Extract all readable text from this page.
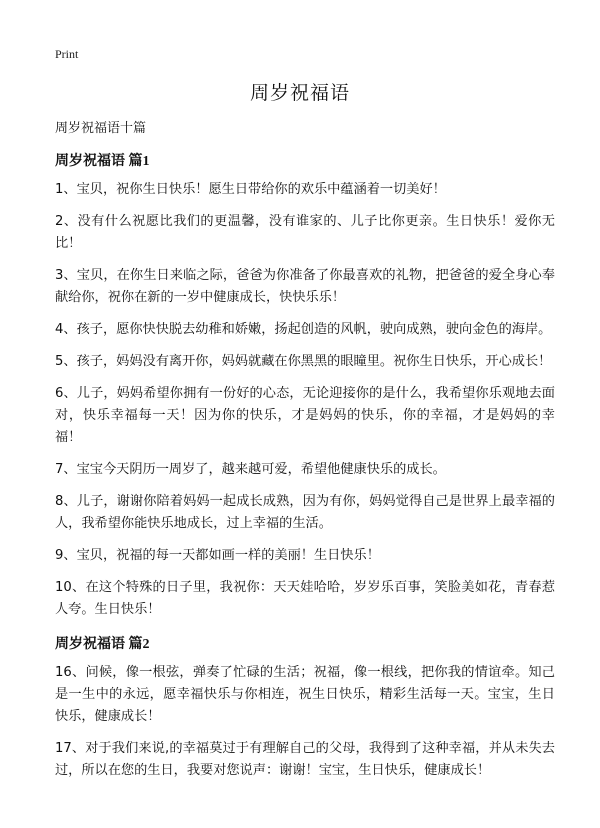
Print
周岁祝福语

周岁祝福语十篇

周岁祝福语 篇1

1、宝贝，祝你生日快乐！愿生日带给你的欢乐中蕴涵着一切美好！

2、没有什么祝愿比我们的更温馨，没有谁家的、儿子比你更亲。生日快乐！爱你无比！

3、宝贝，在你生日来临之际，爸爸为你准备了你最喜欢的礼物，把爸爸的爱全身心奉献给你，祝你在新的一岁中健康成长，快快乐乐！

4、孩子，愿你快快脱去幼稚和娇嫩，扬起创造的风帆，驶向成熟，驶向金色的海岸。

5、孩子，妈妈没有离开你，妈妈就藏在你黑黑的眼瞳里。祝你生日快乐，开心成长！

6、儿子，妈妈希望你拥有一份好的心态，无论迎接你的是什么，我希望你乐观地去面对，快乐幸福每一天！因为你的快乐，才是妈妈的快乐，你的幸福，才是妈妈的幸福！

7、宝宝今天阴历一周岁了，越来越可爱，希望他健康快乐的成长。

8、儿子，谢谢你陪着妈妈一起成长成熟，因为有你，妈妈觉得自己是世界上最幸福的人，我希望你能快乐地成长，过上幸福的生活。

9、宝贝，祝福的每一天都如画一样的美丽！生日快乐！

10、在这个特殊的日子里，我祝你：天天娃哈哈，岁岁乐百事，笑脸美如花，青春惹人夸。生日快乐！

周岁祝福语 篇2

16、问候，像一根弦，弹奏了忙碌的生活；祝福，像一根线，把你我的情谊牵。知己是一生中的永远，愿幸福快乐与你相连，祝生日快乐，精彩生活每一天。宝宝，生日快乐，健康成长！

17、对于我们来说,的幸福莫过于有理解自己的父母，我得到了这种幸福，并从未失去过，所以在您的生日，我要对您说声：谢谢！宝宝，生日快乐，健康成长！
